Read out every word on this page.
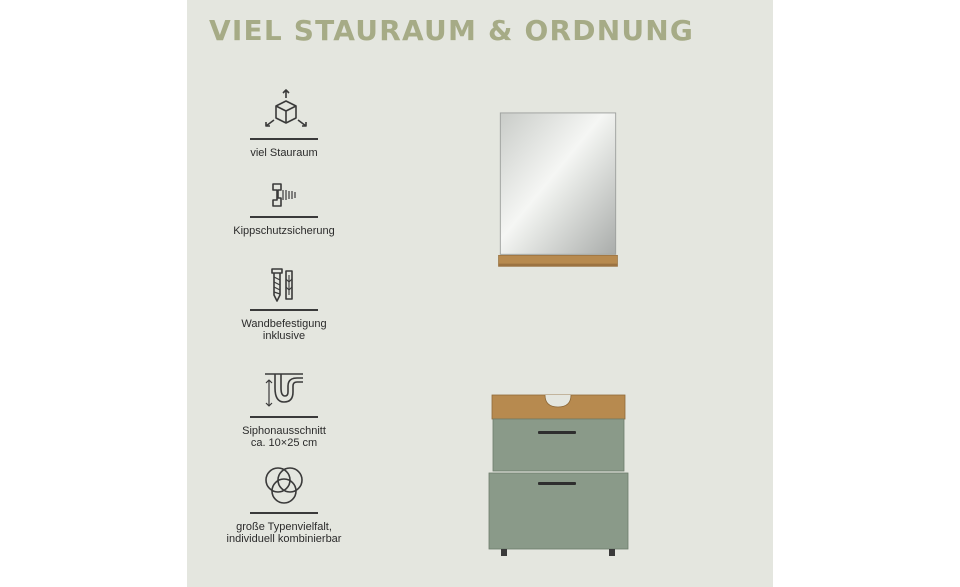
VIEL STAURAUM & ORDNUNG
viel Stauraum
Kippschutzsicherung
Wandbefestigung
inklusive
Siphonausschnitt
ca. 10×25 cm
große Typenvielfalt,
individuell kombinierbar
